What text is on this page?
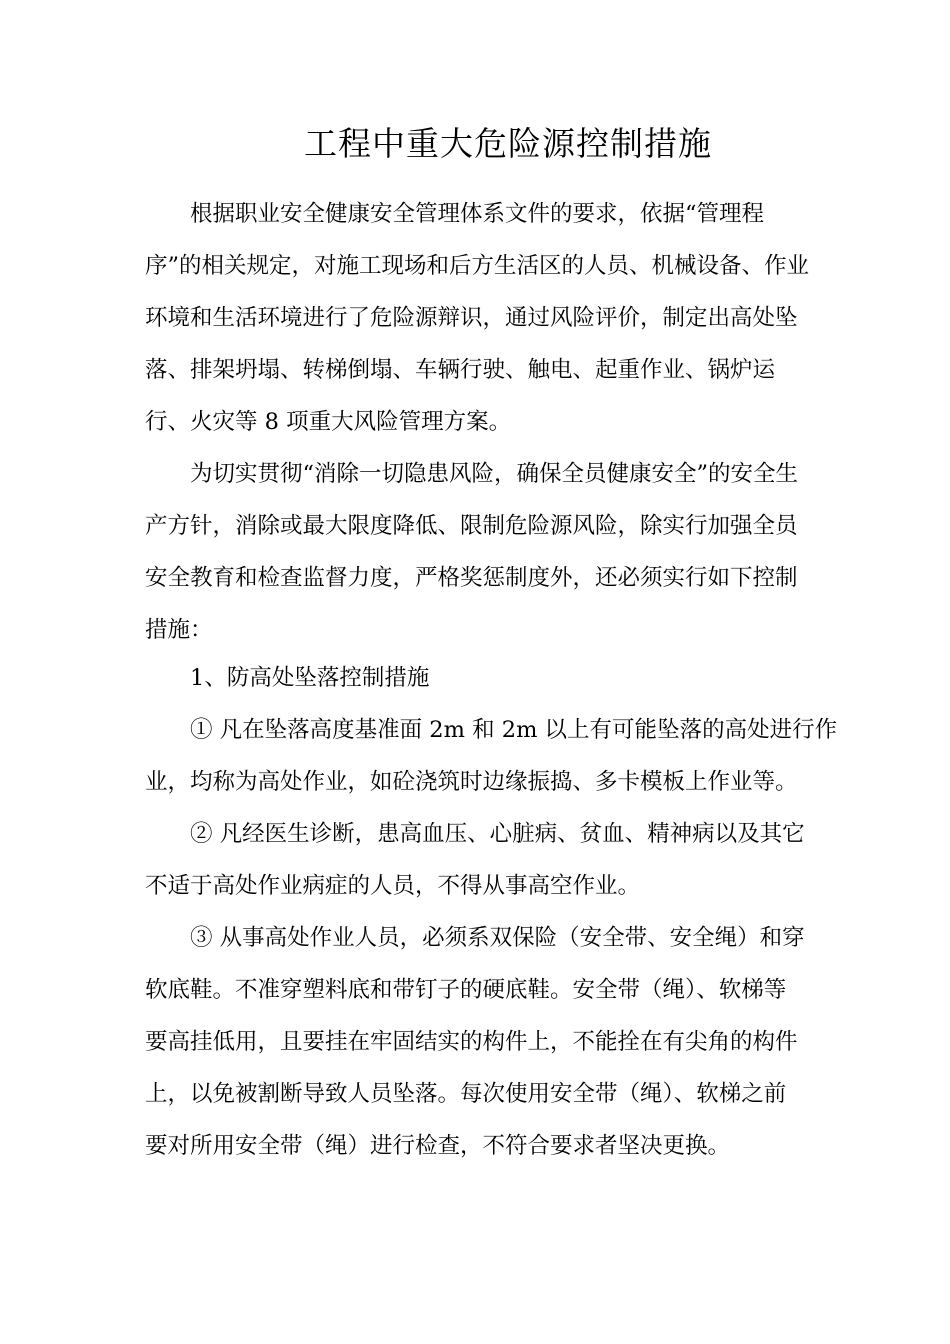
工程中重大危险源控制措施
根据职业安全健康安全管理体系文件的要求，依据“管理程
序”的相关规定，对施工现场和后方生活区的人员、机械设备、作业
环境和生活环境进行了危险源辩识，通过风险评价，制定出高处坠
落、排架坍塌、转梯倒塌、车辆行驶、触电、起重作业、锅炉运
行、火灾等 8 项重大风险管理方案。
为切实贯彻“消除一切隐患风险，确保全员健康安全”的安全生
产方针，消除或最大限度降低、限制危险源风险，除实行加强全员
安全教育和检查监督力度，严格奖惩制度外，还必须实行如下控制
措施：
1、防高处坠落控制措施
① 凡在坠落高度基准面 2m 和 2m 以上有可能坠落的高处进行作
业，均称为高处作业，如砼浇筑时边缘振捣、多卡模板上作业等。
② 凡经医生诊断，患高血压、心脏病、贫血、精神病以及其它
不适于高处作业病症的人员，不得从事高空作业。
③ 从事高处作业人员，必须系双保险（安全带、安全绳）和穿
软底鞋。不准穿塑料底和带钉子的硬底鞋。安全带（绳）、软梯等
要高挂低用，且要挂在牢固结实的构件上，不能拴在有尖角的构件
上，以免被割断导致人员坠落。每次使用安全带（绳）、软梯之前
要对所用安全带（绳）进行检查，不符合要求者坚决更换。
